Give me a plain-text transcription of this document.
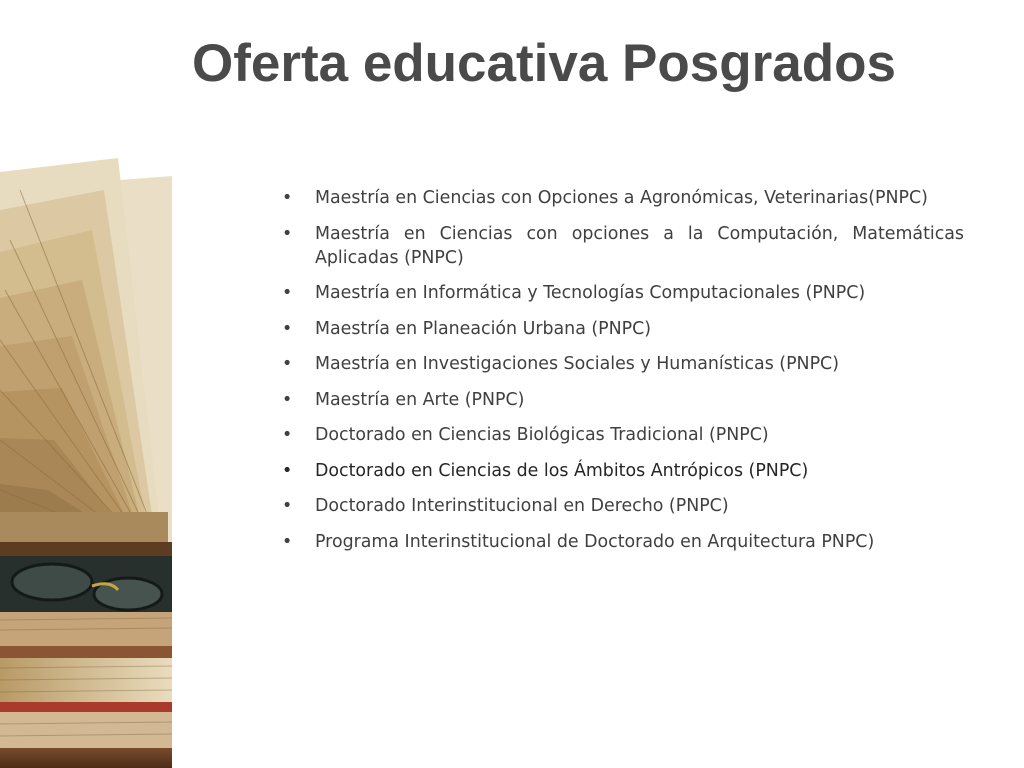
Oferta educativa Posgrados
• Maestría en Ciencias con Opciones a Agronómicas, Veterinarias(PNPC)
• Maestría en Ciencias con opciones a la Computación, Matemáticas Aplicadas (PNPC)
• Maestría en Informática y Tecnologías Computacionales (PNPC)
• Maestría en Planeación Urbana (PNPC)
• Maestría en Investigaciones Sociales y Humanísticas (PNPC)
• Maestría en Arte (PNPC)
• Doctorado en Ciencias Biológicas Tradicional (PNPC)
• Doctorado en Ciencias de los Ámbitos Antrópicos (PNPC)
• Doctorado Interinstitucional en Derecho (PNPC)
• Programa Interinstitucional de Doctorado en Arquitectura PNPC)
